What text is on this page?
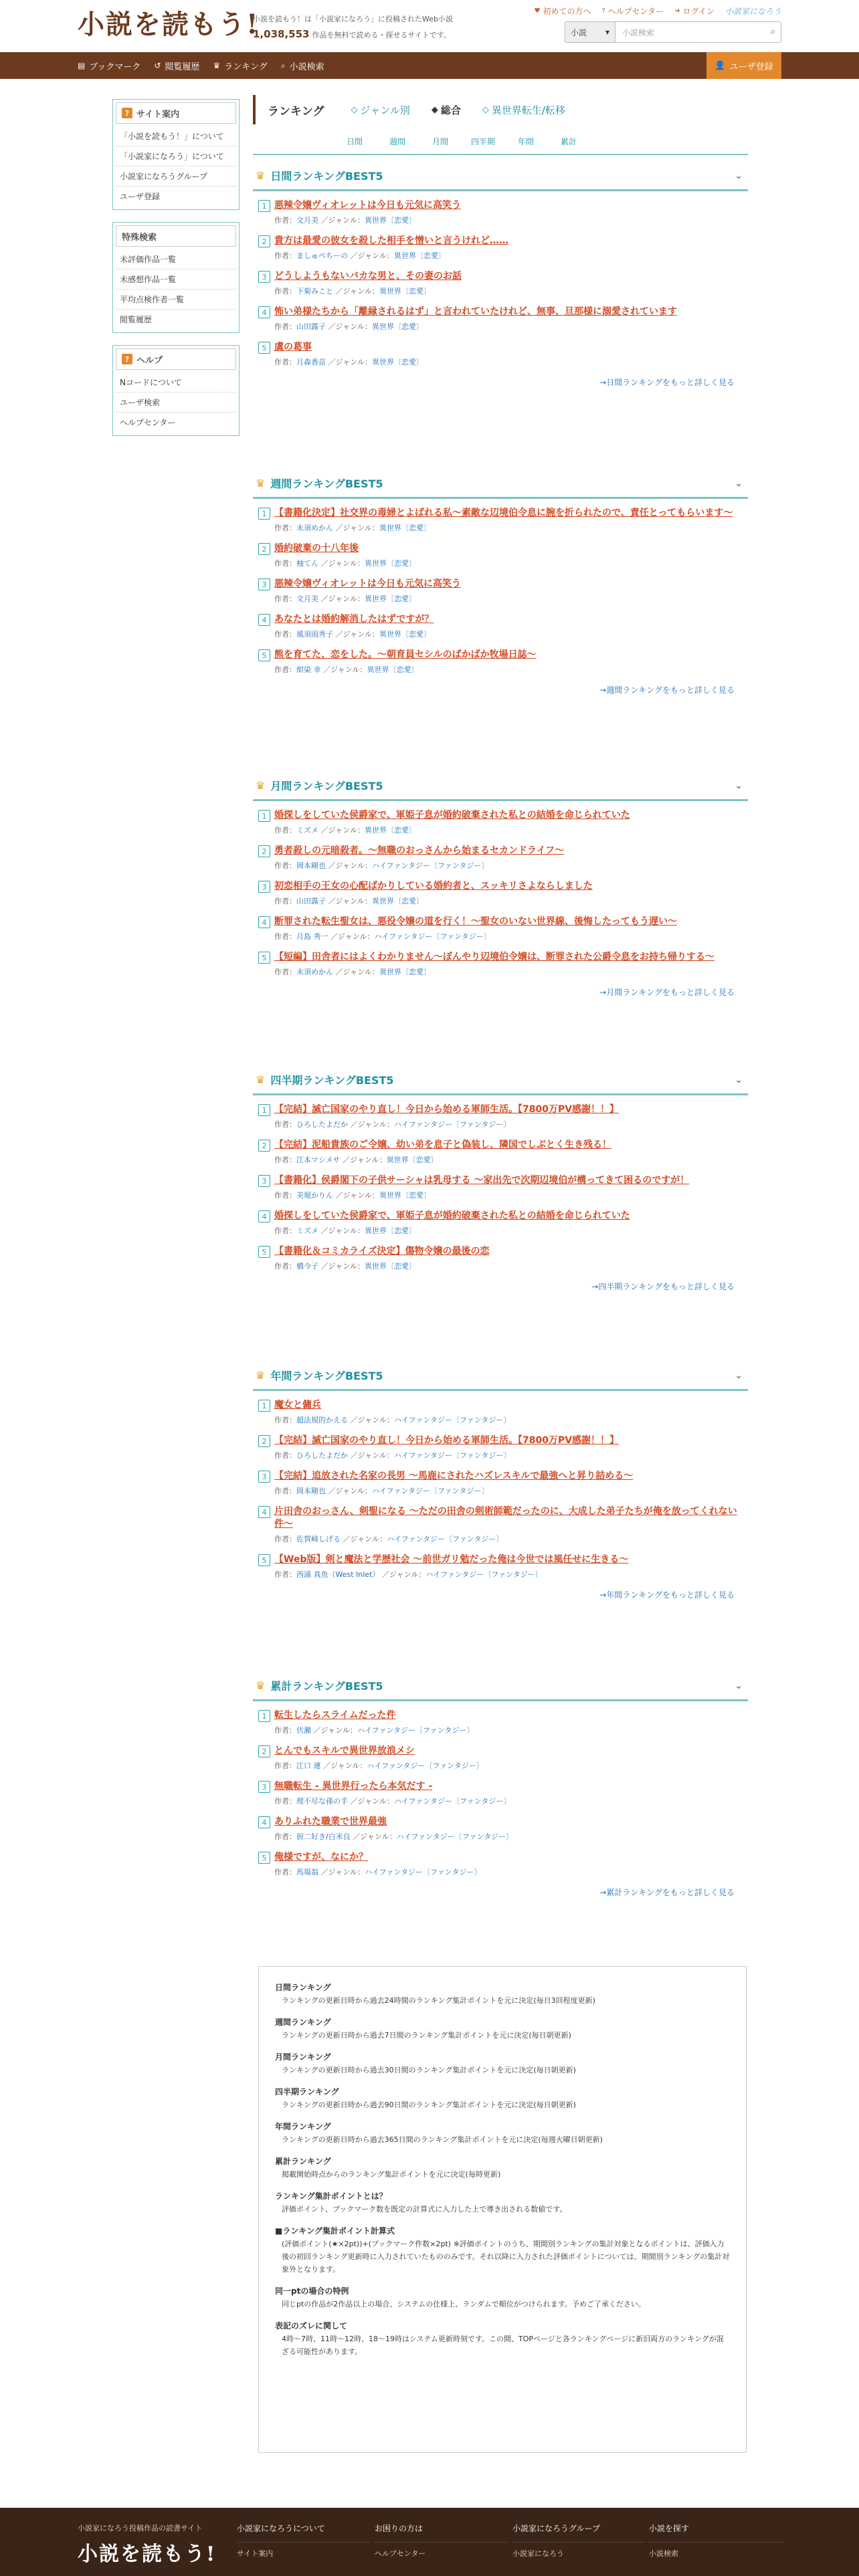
小説を読もう!
小説を読もう！は「小説家になろう」に投稿されたWeb小説
1,038,553 作品を無料で読める・探せるサイトです。
♥ 初めての方へ ? ヘルプセンター ➜ ログイン 小説家になろう
小説 ▾ 小説検索	⌕
▤ ブックマーク ↺ 閲覧履歴 ♛ ランキング ⌕ 小説検索	👤 ユーザ登録
? サイト案内
「小説を読もう！」について
「小説家になろう」について
小説家になろうグループ
ユーザ登録
特殊検索
未評価作品一覧
未感想作品一覧
平均点検作者一覧
閲覧履歴
? ヘルプ
Nコードについて
ユーザ検索
ヘルプセンター
ランキング	◇ ジャンル別 ◆ 総合 ◇ 異世界転生/転移
日間	週間	月間	四半期	年間	累計
♛ 日間ランキングBEST5	⌄
1 悪辣令嬢ヴィオレットは今日も元気に高笑う
作者：文月美 ／ジャンル：異世界〔恋愛〕
2 貴方は最愛の彼女を殺した相手を憎いと言うけれど……
作者：ましゅぺちーの ／ジャンル：異世界〔恋愛〕
3 どうしようもないバカな男と、その妻のお話
作者：下菊みこと ／ジャンル：異世界〔恋愛〕
4 怖い弟様たちから「離縁されるはず」と言われていたけれど、無事、旦那様に溺愛されています
作者：山田露子 ／ジャンル：異世界〔恋愛〕
5 虞の葛事
作者：月森香苗 ／ジャンル：異世界〔恋愛〕
→日間ランキングをもっと詳しく見る
♛ 週間ランキングBEST5	⌄
1 【書籍化決定】社交界の毒婦とよばれる私〜素敵な辺境伯令息に腕を折られたので、責任とってもらいます〜
作者：未須めかん ／ジャンル：異世界〔恋愛〕
2 婚約破棄の十八年後
作者：柚てん ／ジャンル：異世界〔恋愛〕
3 悪辣令嬢ヴィオレットは今日も元気に高笑う
作者：文月美 ／ジャンル：異世界〔恋愛〕
4 あなたとは婚約解消したはずですが？
作者：風須雨秀子 ／ジャンル：異世界〔恋愛〕
5 熊を育てた、恋をした。〜朝育員セシルのばかばか牧場日誌〜
作者：紺染 幸 ／ジャンル：異世界〔恋愛〕
→週間ランキングをもっと詳しく見る
♛ 月間ランキングBEST5	⌄
1 婚探しをしていた侯爵家で、軍姫子息が婚約破棄された私との結婚を命じられていた
作者：ミズメ ／ジャンル：異世界〔恋愛〕
2 勇者殺しの元暗殺者。〜無職のおっさんから始まるセカンドライフ〜
作者：岡本剛也 ／ジャンル：ハイファンタジー〔ファンタジー〕
3 初恋相手の王女の心配ばかりしている婚約者と、スッキリさよならしました
作者：山田露子 ／ジャンル：異世界〔恋愛〕
4 断罪された転生聖女は、悪役令嬢の道を行く！〜聖女のいない世界線、後悔したってもう遅い〜
作者：月島 秀一 ／ジャンル：ハイファンタジー〔ファンタジー〕
5 【短編】田舎者にはよくわかりません〜ぼんやり辺境伯令嬢は、断罪された公爵令息をお持ち帰りする〜
作者：未須めかん ／ジャンル：異世界〔恋愛〕
→月間ランキングをもっと詳しく見る
♛ 四半期ランキングBEST5	⌄
1 【完結】滅亡国家のやり直し！今日から始める軍師生活。【7800万PV感謝！！】
作者：ひろしたよだか ／ジャンル：ハイファンタジー〔ファンタジー〕
2 【完結】泥船貴族のご令嬢、幼い弟を息子と偽装し、隣国でしぶとく生き残る！
作者：江本マシメサ ／ジャンル：異世界〔恋愛〕
3 【書籍化】侯爵閣下の子供サーシャは乳母する 〜家出先で次期辺境伯が構ってきて困るのですが！
作者：美堀かりん ／ジャンル：異世界〔恋愛〕
4 婚探しをしていた侯爵家で、軍姫子息が婚約破棄された私との結婚を命じられていた
作者：ミズメ ／ジャンル：異世界〔恋愛〕
5 【書籍化＆コミカライズ決定】傷物令嬢の最後の恋
作者：橋今子 ／ジャンル：異世界〔恋愛〕
→四半期ランキングをもっと詳しく見る
♛ 年間ランキングBEST5	⌄
1 魔女と傭兵
作者：超法規的かえる ／ジャンル：ハイファンタジー〔ファンタジー〕
2 【完結】滅亡国家のやり直し！今日から始める軍師生活。【7800万PV感謝！！】
作者：ひろしたよだか ／ジャンル：ハイファンタジー〔ファンタジー〕
3 【完結】追放された名家の長男 〜馬鹿にされたハズレスキルで最強へと昇り詰める〜
作者：岡本剛也 ／ジャンル：ハイファンタジー〔ファンタジー〕
4 片田舎のおっさん、剣聖になる 〜ただの田舎の剣術師範だったのに、大成した弟子たちが俺を放ってくれない件〜
作者：佐賀崎しげる ／ジャンル：ハイファンタジー〔ファンタジー〕
5 【Web版】剣と魔法と学歴社会 〜前世ガリ勉だった俺は今世では風任せに生きる〜
作者：西浦 真魚（West Inlet） ／ジャンル：ハイファンタジー〔ファンタジー〕
→年間ランキングをもっと詳しく見る
♛ 累計ランキングBEST5	⌄
1 転生したらスライムだった件
作者：伏瀬 ／ジャンル：ハイファンタジー〔ファンタジー〕
2 とんでもスキルで異世界放浪メシ
作者：江口 連 ／ジャンル：ハイファンタジー〔ファンタジー〕
3 無職転生 - 異世界行ったら本気だす -
作者：理不尽な孫の手 ／ジャンル：ハイファンタジー〔ファンタジー〕
4 ありふれた職業で世界最強
作者：厨二好き/白米良 ／ジャンル：ハイファンタジー〔ファンタジー〕
5 俺様ですが、なにか？
作者：馬場翁 ／ジャンル：ハイファンタジー〔ファンタジー〕
→累計ランキングをもっと詳しく見る
日間ランキング
ランキングの更新日時から過去24時間のランキング集計ポイントを元に決定(毎日3回程度更新)
週間ランキング
ランキングの更新日時から過去7日間のランキング集計ポイントを元に決定(毎日朝更新)
月間ランキング
ランキングの更新日時から過去30日間のランキング集計ポイントを元に決定(毎日朝更新)
四半期ランキング
ランキングの更新日時から過去90日間のランキング集計ポイントを元に決定(毎日朝更新)
年間ランキング
ランキングの更新日時から過去365日間のランキング集計ポイントを元に決定(毎週火曜日朝更新)
累計ランキング
掲載開始時点からのランキング集計ポイントを元に決定(毎時更新)
ランキング集計ポイントとは？
評価ポイント、ブックマーク数を既定の計算式に入力した上で導き出される数値です。
■ランキング集計ポイント計算式
(評価ポイント(★×2pt))+(ブックマーク件数×2pt) ※評価ポイントのうち、期間別ランキングの集計対象となるポイントは、評価入力後の初回ランキング更新時に入力されていたもののみです。それ以降に入力された評価ポイントについては、期間別ランキングの集計対象外となります。
同一ptの場合の特例
同じptの作品が2作品以上の場合、システムの仕様上、ランダムで順位がつけられます。予めご了承ください。
表記のズレに関して
4時〜7時、11時〜12時、18〜19時はシステム更新時刻です。この間、TOPページと各ランキングページに新旧両方のランキングが混ざる可能性があります。
小説家になろう投稿作品の読書サイト
小説を読もう!
小説家になろうについて
サイト案内
お困りの方は
ヘルプセンター
小説家になろうグループ
小説家になろう
小説を探す
小説検索
